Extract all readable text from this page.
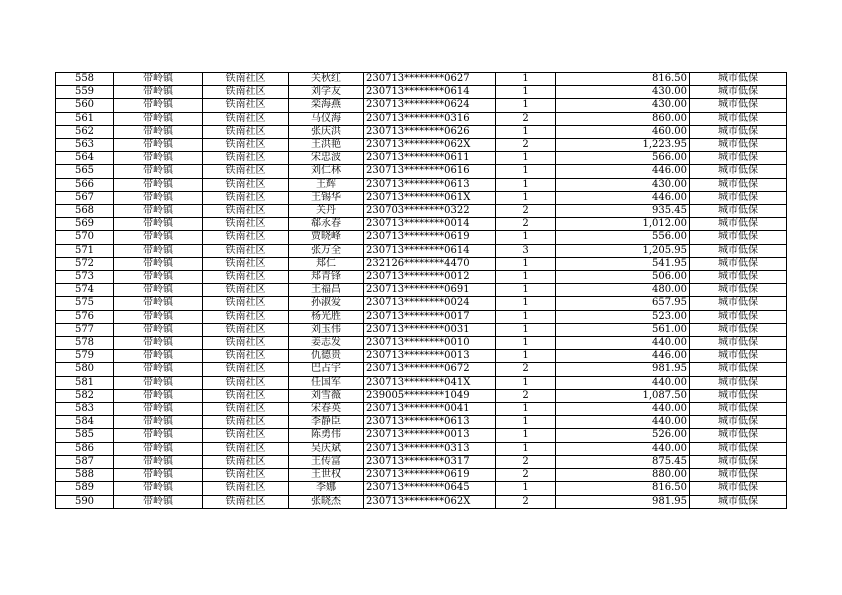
558	带岭镇	铁南社区	关秋红	230713********0627	1	816.50	城市低保
559	带岭镇	铁南社区	刘学友	230713********0614	1	430.00	城市低保
560	带岭镇	铁南社区	栾海燕	230713********0624	1	430.00	城市低保
561	带岭镇	铁南社区	马仪海	230713********0316	2	860.00	城市低保
562	带岭镇	铁南社区	张庆洪	230713********0626	1	460.00	城市低保
563	带岭镇	铁南社区	王洪艳	230713********062X	2	1,223.95	城市低保
564	带岭镇	铁南社区	宋忠波	230713********0611	1	566.00	城市低保
565	带岭镇	铁南社区	刘仁林	230713********0616	1	446.00	城市低保
566	带岭镇	铁南社区	王辉	230713********0613	1	430.00	城市低保
567	带岭镇	铁南社区	王锡华	230713********061X	1	446.00	城市低保
568	带岭镇	铁南社区	关丹	230703********0322	2	935.45	城市低保
569	带岭镇	铁南社区	郗永春	230713********0014	2	1,012.00	城市低保
570	带岭镇	铁南社区	贾晓峰	230713********0619	1	556.00	城市低保
571	带岭镇	铁南社区	张万全	230713********0614	3	1,205.95	城市低保
572	带岭镇	铁南社区	郑仁	232126********4470	1	541.95	城市低保
573	带岭镇	铁南社区	郑青锋	230713********0012	1	506.00	城市低保
574	带岭镇	铁南社区	王福昌	230713********0691	1	480.00	城市低保
575	带岭镇	铁南社区	孙淑爱	230713********0024	1	657.95	城市低保
576	带岭镇	铁南社区	杨光胜	230713********0017	1	523.00	城市低保
577	带岭镇	铁南社区	刘玉伟	230713********0031	1	561.00	城市低保
578	带岭镇	铁南社区	姜志发	230713********0010	1	440.00	城市低保
579	带岭镇	铁南社区	仇德贵	230713********0013	1	446.00	城市低保
580	带岭镇	铁南社区	巴占宇	230713********0672	2	981.95	城市低保
581	带岭镇	铁南社区	任国军	230713********041X	1	440.00	城市低保
582	带岭镇	铁南社区	刘雪薇	239005********1049	2	1,087.50	城市低保
583	带岭镇	铁南社区	宋春英	230713********0041	1	440.00	城市低保
584	带岭镇	铁南社区	李静臣	230713********0613	1	440.00	城市低保
585	带岭镇	铁南社区	陈勇伟	230713********0013	1	526.00	城市低保
586	带岭镇	铁南社区	吴庆斌	230713********0313	1	440.00	城市低保
587	带岭镇	铁南社区	王传富	230713********0317	2	875.45	城市低保
588	带岭镇	铁南社区	王世权	230713********0619	2	880.00	城市低保
589	带岭镇	铁南社区	李娜	230713********0645	1	816.50	城市低保
590	带岭镇	铁南社区	张晓杰	230713********062X	2	981.95	城市低保
